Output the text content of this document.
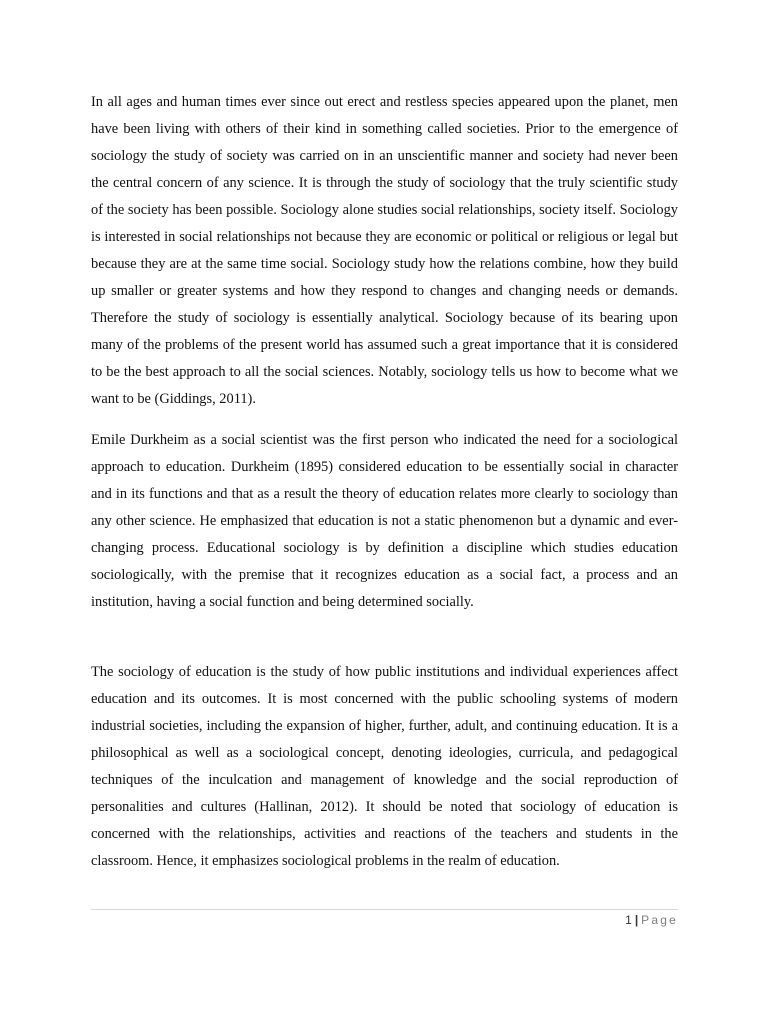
In all ages and human times ever since out erect and restless species appeared upon the planet, men have been living with others of their kind in something called societies. Prior to the emergence of sociology the study of society was carried on in an unscientific manner and society had never been the central concern of any science. It is through the study of sociology that the truly scientific study of the society has been possible. Sociology alone studies social relationships, society itself. Sociology is interested in social relationships not because they are economic or political or religious or legal but because they are at the same time social. Sociology study how the relations combine, how they build up smaller or greater systems and how they respond to changes and changing needs or demands. Therefore the study of sociology is essentially analytical. Sociology because of its bearing upon many of the problems of the present world has assumed such a great importance that it is considered to be the best approach to all the social sciences. Notably, sociology tells us how to become what we want to be (Giddings, 2011).

Emile Durkheim as a social scientist was the first person who indicated the need for a sociological approach to education. Durkheim (1895) considered education to be essentially social in character and in its functions and that as a result the theory of education relates more clearly to sociology than any other science. He emphasized that education is not a static phenomenon but a dynamic and ever-changing process. Educational sociology is by definition a discipline which studies education sociologically, with the premise that it recognizes education as a social fact, a process and an institution, having a social function and being determined socially.

The sociology of education is the study of how public institutions and individual experiences affect education and its outcomes. It is most concerned with the public schooling systems of modern industrial societies, including the expansion of higher, further, adult, and continuing education. It is a philosophical as well as a sociological concept, denoting ideologies, curricula, and pedagogical techniques of the inculcation and management of knowledge and the social reproduction of personalities and cultures (Hallinan, 2012). It should be noted that sociology of education is concerned with the relationships, activities and reactions of the teachers and students in the classroom. Hence, it emphasizes sociological problems in the realm of education.

1 | Page
